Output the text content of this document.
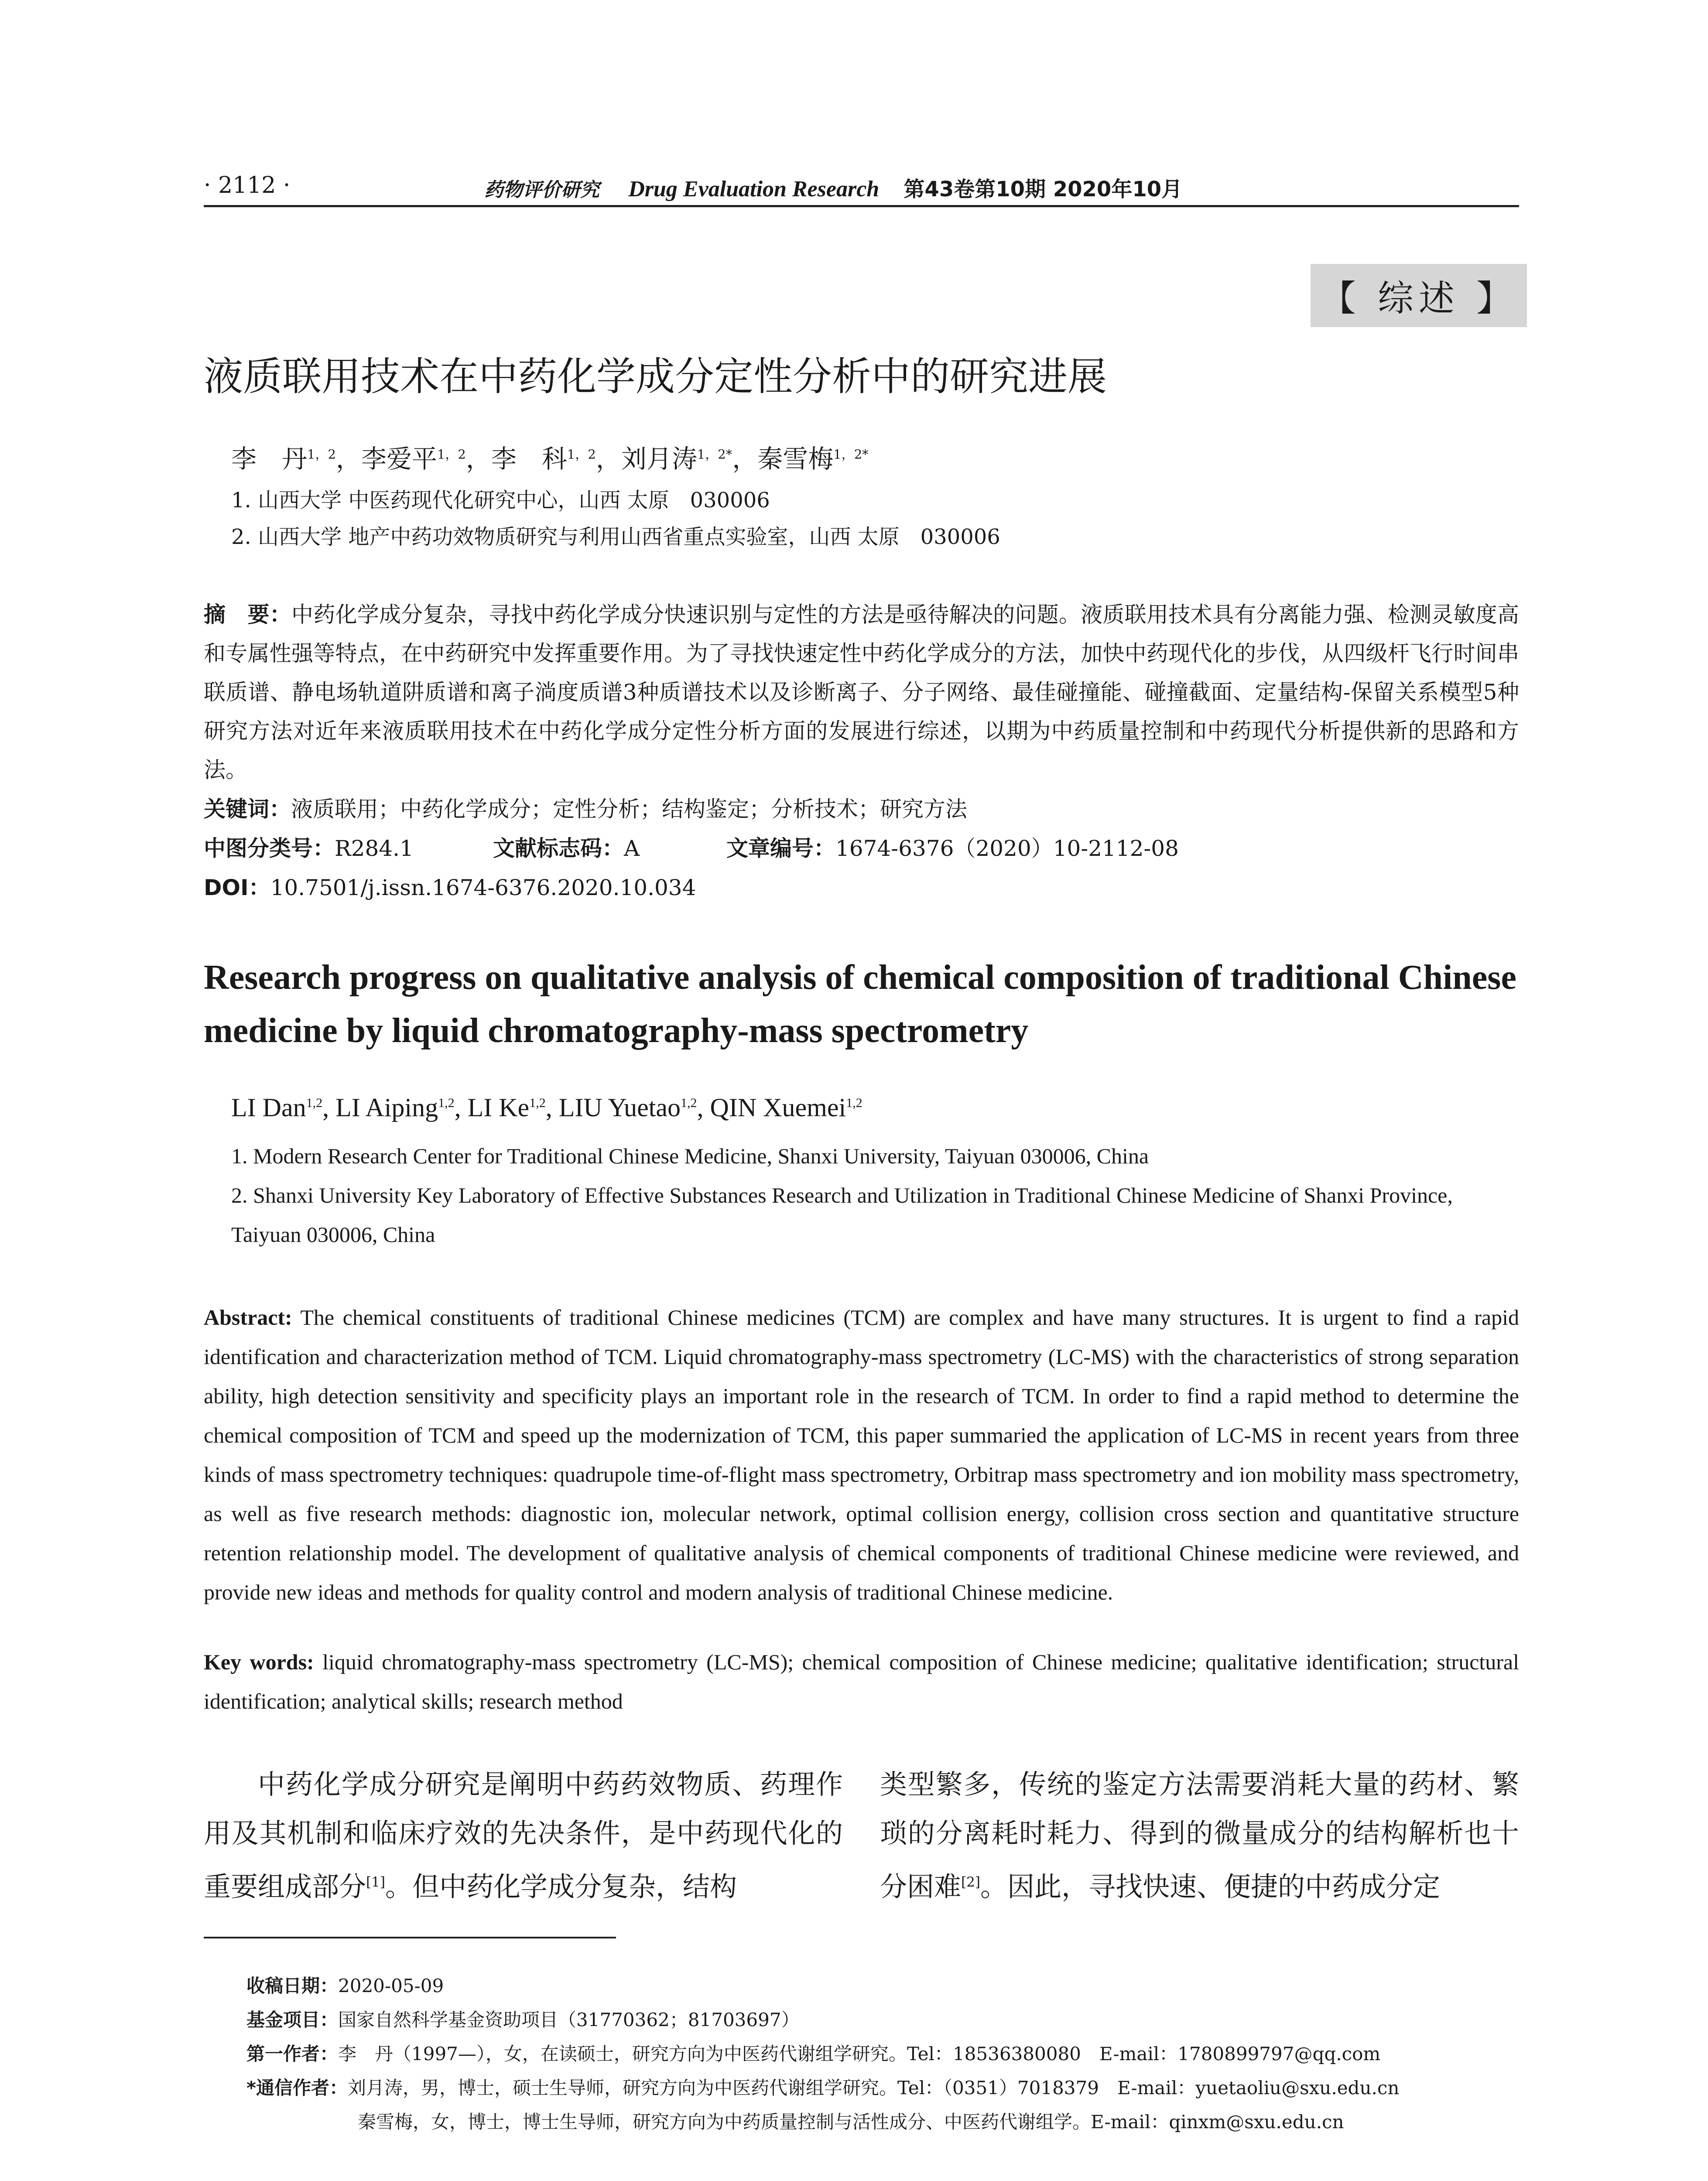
· 2112 ·	药物评价研究 Drug Evaluation Research 第43卷第10期 2020年10月
【 综述 】
液质联用技术在中药化学成分定性分析中的研究进展
李　丹$^{1,2}$，李爱平$^{1,2}$，李　科$^{1,2}$，刘月涛$^{1,2*}$，秦雪梅$^{1,2*}$
1. 山西大学 中医药现代化研究中心，山西 太原　030006
2. 山西大学 地产中药功效物质研究与利用山西省重点实验室，山西 太原　030006
摘　要：中药化学成分复杂，寻找中药化学成分快速识别与定性的方法是亟待解决的问题。液质联用技术具有分离能力强、检测灵敏度高和专属性强等特点，在中药研究中发挥重要作用。为了寻找快速定性中药化学成分的方法，加快中药现代化的步伐，从四级杆飞行时间串联质谱、静电场轨道阱质谱和离子淌度质谱3种质谱技术以及诊断离子、分子网络、最佳碰撞能、碰撞截面、定量结构-保留关系模型5种研究方法对近年来液质联用技术在中药化学成分定性分析方面的发展进行综述，以期为中药质量控制和中药现代分析提供新的思路和方法。
关键词：液质联用；中药化学成分；定性分析；结构鉴定；分析技术；研究方法
中图分类号：R284.1	文献标志码：A	文章编号：1674-6376（2020）10-2112-08
DOI：10.7501/j.issn.1674-6376.2020.10.034
Research progress on qualitative analysis of chemical composition of traditional Chinese medicine by liquid chromatography-mass spectrometry
LI Dan$^{1,2}$, LI Aiping$^{1,2}$, LI Ke$^{1,2}$, LIU Yuetao$^{1,2}$, QIN Xuemei$^{1,2}$
1. Modern Research Center for Traditional Chinese Medicine, Shanxi University, Taiyuan 030006, China
2. Shanxi University Key Laboratory of Effective Substances Research and Utilization in Traditional Chinese Medicine of Shanxi Province, Taiyuan 030006, China
Abstract: The chemical constituents of traditional Chinese medicines (TCM) are complex and have many structures. It is urgent to find a rapid identification and characterization method of TCM. Liquid chromatography-mass spectrometry (LC-MS) with the characteristics of strong separation ability, high detection sensitivity and specificity plays an important role in the research of TCM. In order to find a rapid method to determine the chemical composition of TCM and speed up the modernization of TCM, this paper summaried the application of LC-MS in recent years from three kinds of mass spectrometry techniques: quadrupole time-of-flight mass spectrometry, Orbitrap mass spectrometry and ion mobility mass spectrometry, as well as five research methods: diagnostic ion, molecular network, optimal collision energy, collision cross section and quantitative structure retention relationship model. The development of qualitative analysis of chemical components of traditional Chinese medicine were reviewed, and provide new ideas and methods for quality control and modern analysis of traditional Chinese medicine.
Key words: liquid chromatography-mass spectrometry (LC-MS); chemical composition of Chinese medicine; qualitative identification; structural identification; analytical skills; research method
中药化学成分研究是阐明中药药效物质、药理作用及其机制和临床疗效的先决条件，是中药现代化的重要组成部分[1]。但中药化学成分复杂，结构
类型繁多，传统的鉴定方法需要消耗大量的药材、繁琐的分离耗时耗力、得到的微量成分的结构解析也十分困难[2]。因此，寻找快速、便捷的中药成分定
收稿日期：2020-05-09
基金项目：国家自然科学基金资助项目（31770362；81703697）
第一作者：李　丹（1997—），女，在读硕士，研究方向为中医药代谢组学研究。Tel：18536380080　E-mail：1780899797@qq.com
*通信作者：刘月涛，男，博士，硕士生导师，研究方向为中医药代谢组学研究。Tel：（0351）7018379　E-mail：yuetaoliu@sxu.edu.cn
秦雪梅，女，博士，博士生导师，研究方向为中药质量控制与活性成分、中医药代谢组学。E-mail：qinxm@sxu.edu.cn
